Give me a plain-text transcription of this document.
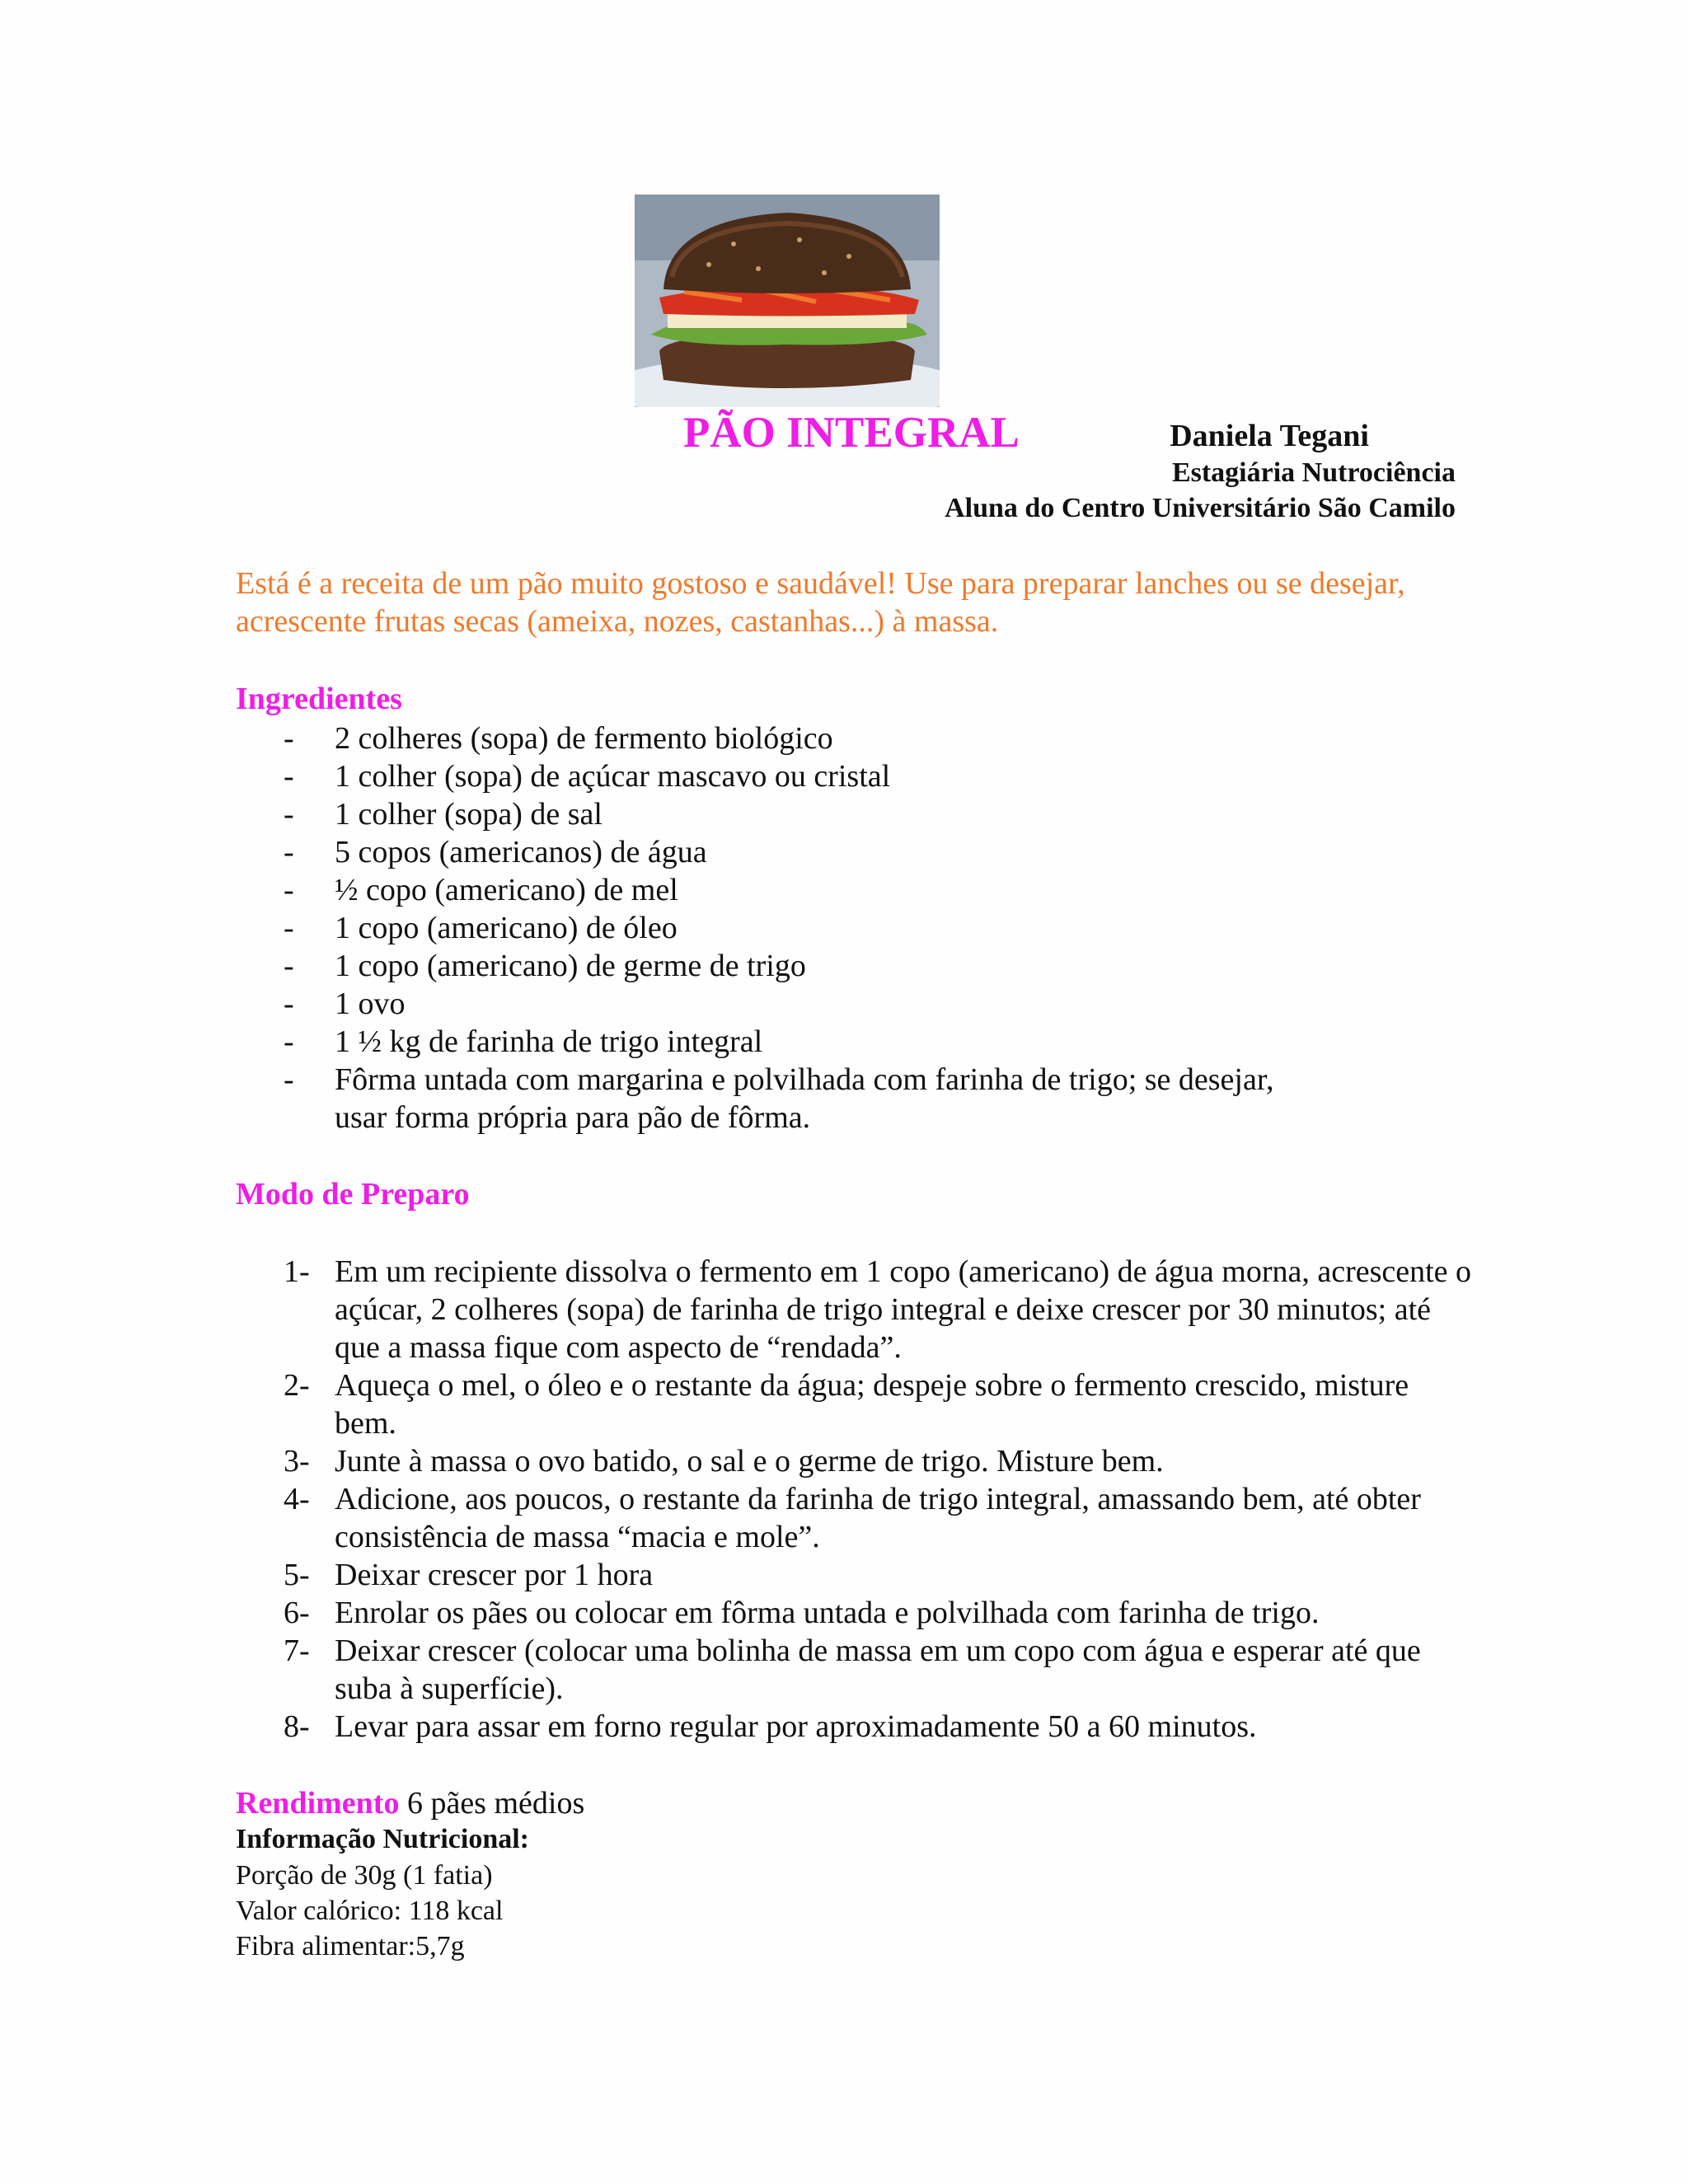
PÃO INTEGRAL	Daniela Tegani
Estagiária Nutrociência
Aluna do Centro Universitário São Camilo
Está é a receita de um pão muito gostoso e saudável! Use para preparar lanches ou se desejar, acrescente frutas secas (ameixa, nozes, castanhas...) à massa.
Ingredientes
- 2 colheres (sopa) de fermento biológico
- 1 colher (sopa) de açúcar mascavo ou cristal
- 1 colher (sopa) de sal
- 5 copos (americanos) de água
- ½ copo (americano) de mel
- 1 copo (americano) de óleo
- 1 copo (americano) de germe de trigo
- 1 ovo
- 1 ½ kg de farinha de trigo integral
- Fôrma untada com margarina e polvilhada com farinha de trigo; se desejar, usar forma própria para pão de fôrma.
Modo de Preparo
1- Em um recipiente dissolva o fermento em 1 copo (americano) de água morna, acrescente o açúcar, 2 colheres (sopa) de farinha de trigo integral e deixe crescer por 30 minutos; até que a massa fique com aspecto de “rendada”.
2- Aqueça o mel, o óleo e o restante da água; despeje sobre o fermento crescido, misture bem.
3- Junte à massa o ovo batido, o sal e o germe de trigo. Misture bem.
4- Adicione, aos poucos, o restante da farinha de trigo integral, amassando bem, até obter consistência de massa “macia e mole”.
5- Deixar crescer por 1 hora
6- Enrolar os pães ou colocar em fôrma untada e polvilhada com farinha de trigo.
7- Deixar crescer (colocar uma bolinha de massa em um copo com água e esperar até que suba à superfície).
8- Levar para assar em forno regular por aproximadamente 50 a 60 minutos.
Rendimento 6 pães médios
Informação Nutricional:
Porção de 30g (1 fatia)
Valor calórico: 118 kcal
Fibra alimentar:5,7g
